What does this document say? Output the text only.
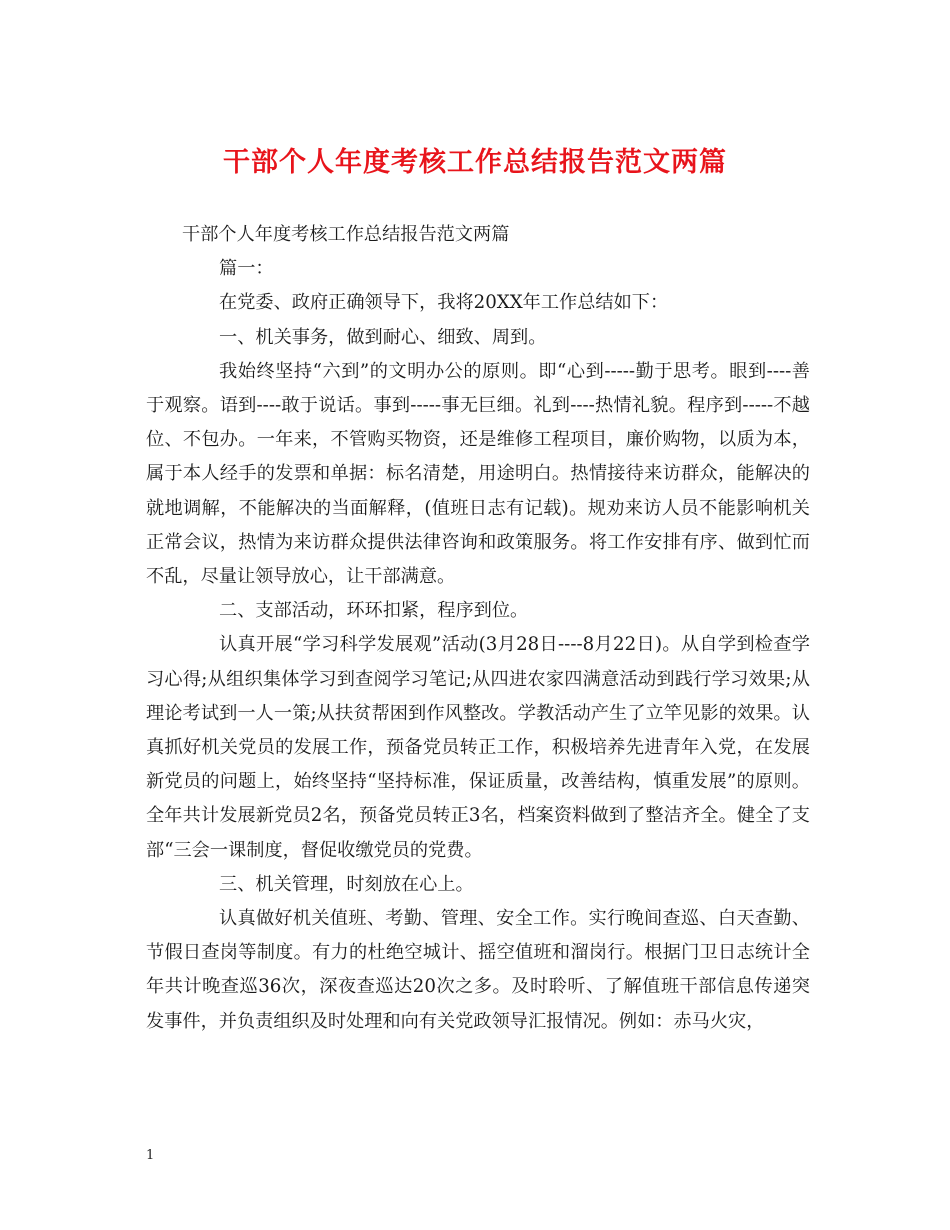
干部个人年度考核工作总结报告范文两篇

干部个人年度考核工作总结报告范文两篇

篇一：

在党委、政府正确领导下，我将20XX年工作总结如下：

一、机关事务，做到耐心、细致、周到。

我始终坚持“六到”的文明办公的原则。即“心到-----勤于思考。眼到----善于观察。语到----敢于说话。事到-----事无巨细。礼到----热情礼貌。程序到-----不越位、不包办。一年来，不管购买物资，还是维修工程项目，廉价购物，以质为本，属于本人经手的发票和单据：标名清楚，用途明白。热情接待来访群众，能解决的就地调解，不能解决的当面解释，(值班日志有记载)。规劝来访人员不能影响机关正常会议，热情为来访群众提供法律咨询和政策服务。将工作安排有序、做到忙而不乱，尽量让领导放心，让干部满意。

二、支部活动，环环扣紧，程序到位。

认真开展“学习科学发展观”活动(3月28日----8月22日)。从自学到检查学习心得;从组织集体学习到查阅学习笔记;从四进农家四满意活动到践行学习效果;从理论考试到一人一策;从扶贫帮困到作风整改。学教活动产生了立竿见影的效果。认真抓好机关党员的发展工作，预备党员转正工作，积极培养先进青年入党，在发展新党员的问题上，始终坚持“坚持标准，保证质量，改善结构，慎重发展”的原则。全年共计发展新党员2名，预备党员转正3名，档案资料做到了整洁齐全。健全了支部“三会一课制度，督促收缴党员的党费。

三、机关管理，时刻放在心上。

认真做好机关值班、考勤、管理、安全工作。实行晚间查巡、白天查勤、节假日查岗等制度。有力的杜绝空城计、摇空值班和溜岗行。根据门卫日志统计全年共计晚查巡36次，深夜查巡达20次之多。及时聆听、了解值班干部信息传递突发事件，并负责组织及时处理和向有关党政领导汇报情况。例如：赤马火灾，

1
